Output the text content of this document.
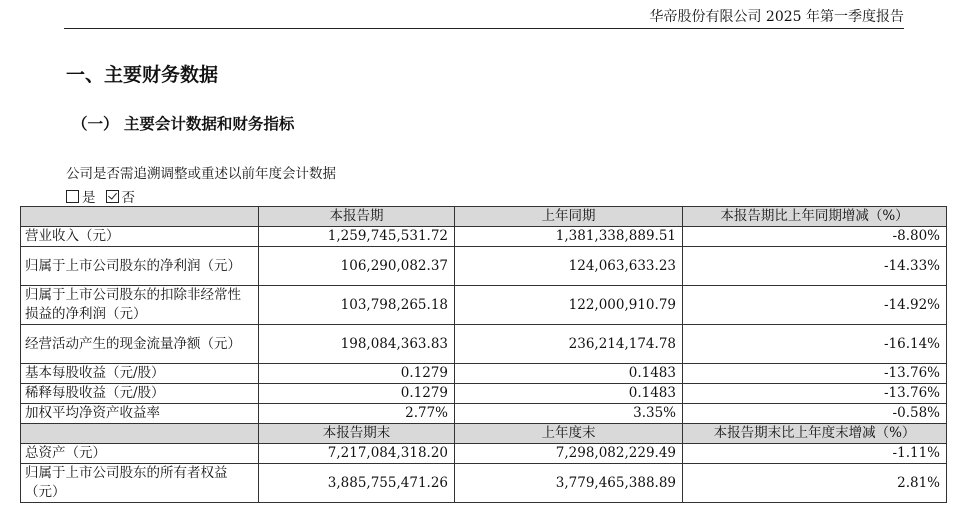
华帝股份有限公司 2025 年第一季度报告
一、主要财务数据
（一） 主要会计数据和财务指标
公司是否需追溯调整或重述以前年度会计数据
是 否
	本报告期	上年同期	本报告期比上年同期增减（%）
营业收入（元）	1,259,745,531.72	1,381,338,889.51	-8.80%
归属于上市公司股东的净利润（元）	106,290,082.37	124,063,633.23	-14.33%
归属于上市公司股东的扣除非经常性损益的净利润（元）	103,798,265.18	122,000,910.79	-14.92%
经营活动产生的现金流量净额（元）	198,084,363.83	236,214,174.78	-16.14%
基本每股收益（元/股）	0.1279	0.1483	-13.76%
稀释每股收益（元/股）	0.1279	0.1483	-13.76%
加权平均净资产收益率	2.77%	3.35%	-0.58%
	本报告期末	上年度末	本报告期末比上年度末增减（%）
总资产（元）	7,217,084,318.20	7,298,082,229.49	-1.11%
归属于上市公司股东的所有者权益（元）	3,885,755,471.26	3,779,465,388.89	2.81%
